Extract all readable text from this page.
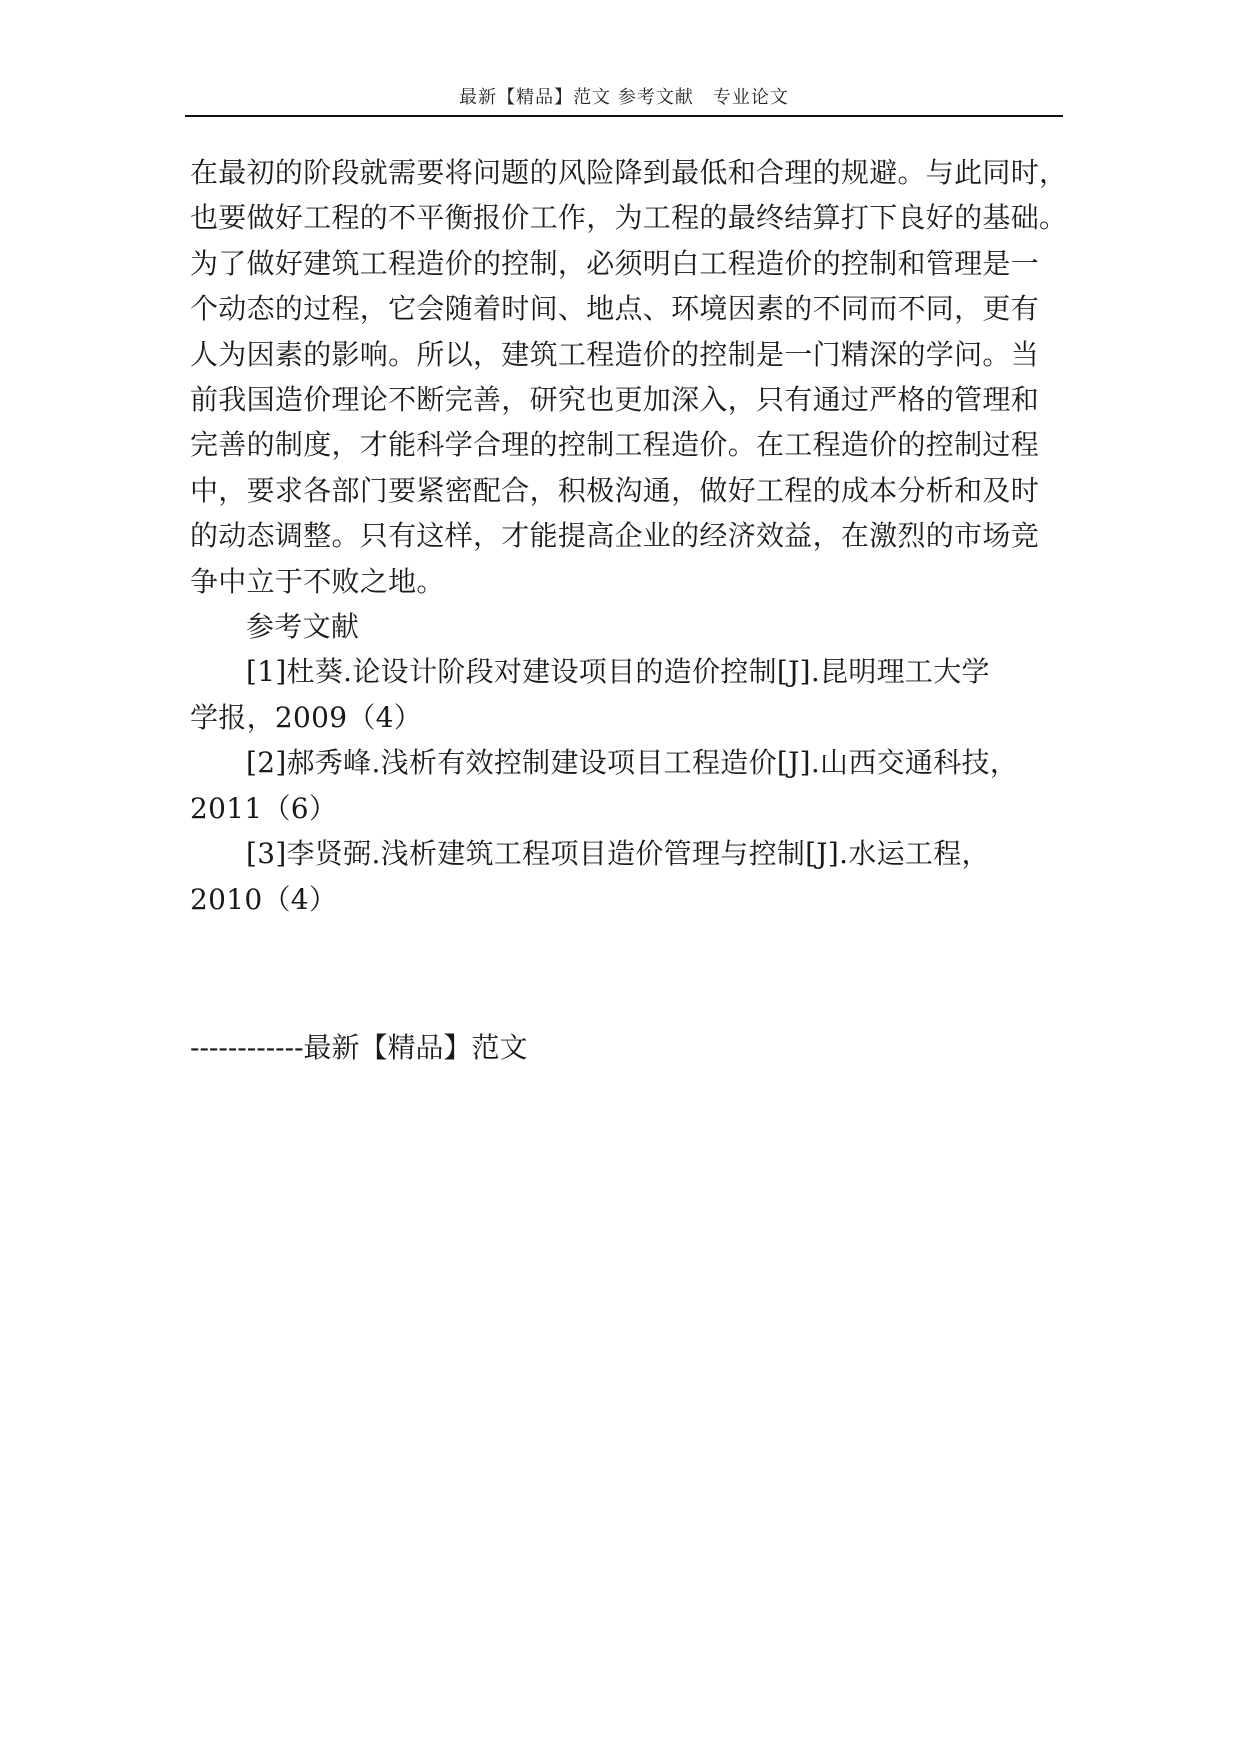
最新【精品】范文 参考文献　专业论文
在最初的阶段就需要将问题的风险降到最低和合理的规避。与此同时，
也要做好工程的不平衡报价工作，为工程的最终结算打下良好的基础。
为了做好建筑工程造价的控制，必须明白工程造价的控制和管理是一
个动态的过程，它会随着时间、地点、环境因素的不同而不同，更有
人为因素的影响。所以，建筑工程造价的控制是一门精深的学问。当
前我国造价理论不断完善，研究也更加深入，只有通过严格的管理和
完善的制度，才能科学合理的控制工程造价。在工程造价的控制过程
中，要求各部门要紧密配合，积极沟通，做好工程的成本分析和及时
的动态调整。只有这样，才能提高企业的经济效益，在激烈的市场竞
争中立于不败之地。
参考文献
[1]杜葵.论设计阶段对建设项目的造价控制[J].昆明理工大学
学报，2009（4）
[2]郝秀峰.浅析有效控制建设项目工程造价[J].山西交通科技，
2011（6）
[3]李贤弼.浅析建筑工程项目造价管理与控制[J].水运工程，
2010（4）
------------最新【精品】范文
